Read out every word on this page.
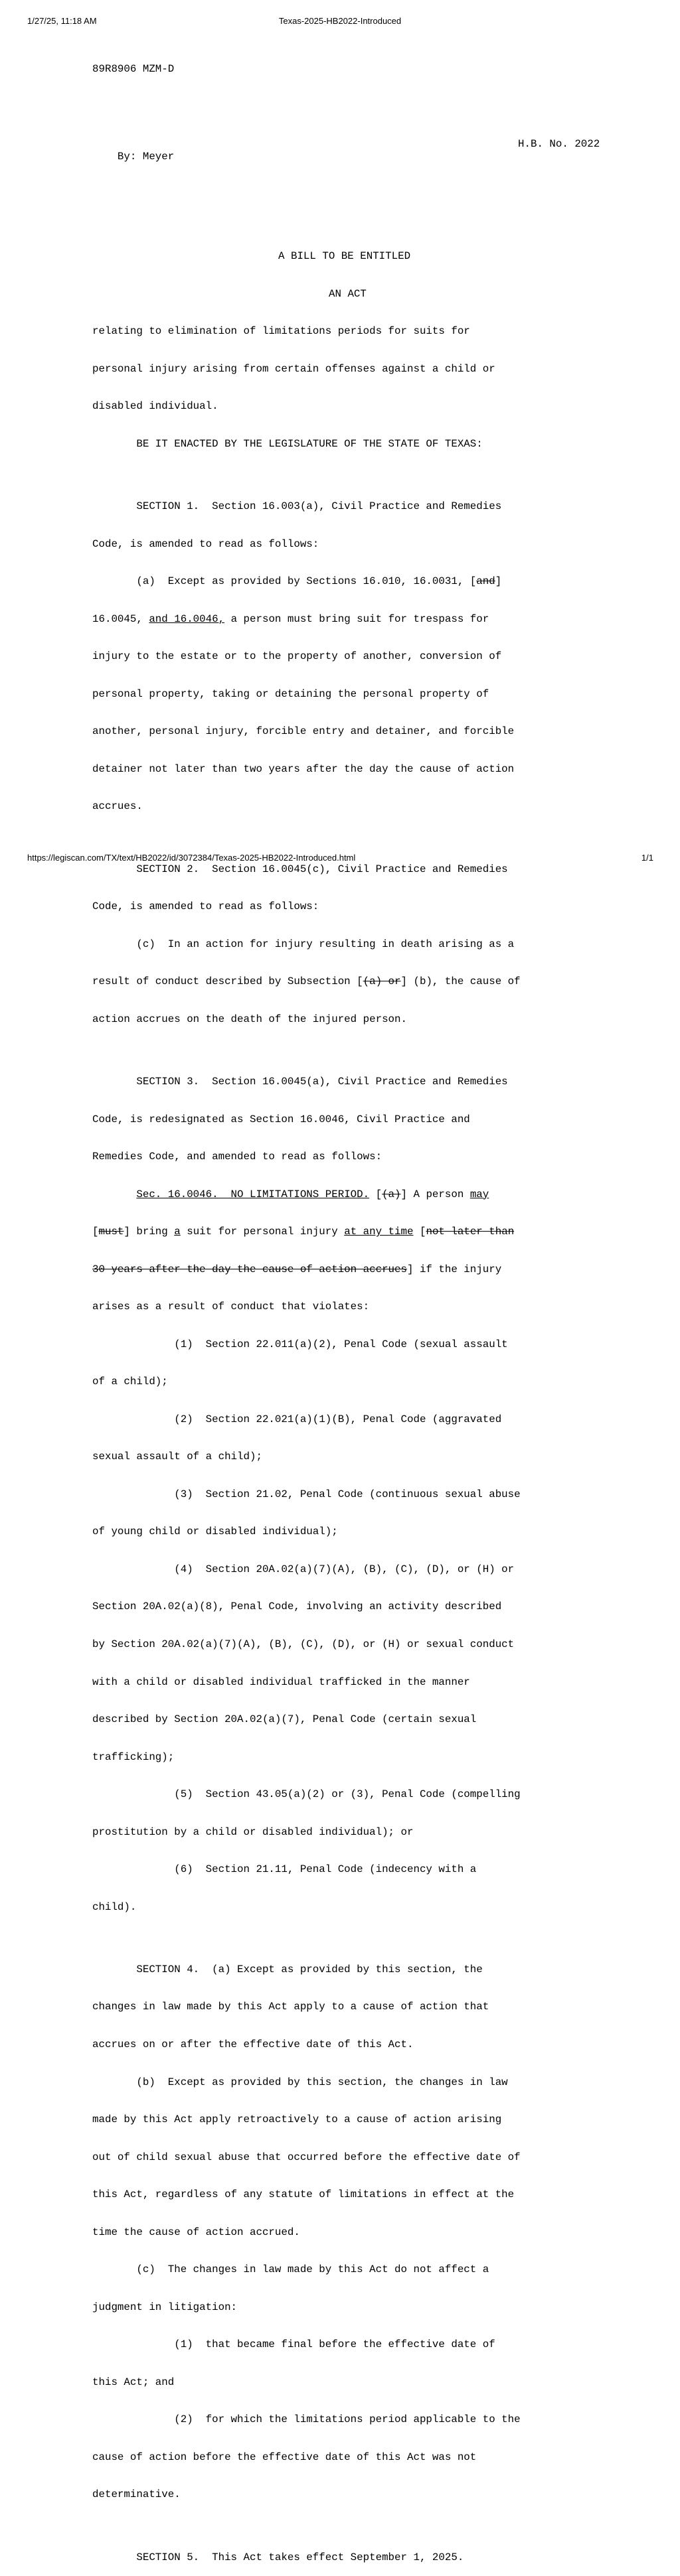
1/27/25, 11:18 AM	Texas-2025-HB2022-Introduced

89R8906 MZM-D

By: Meyer

H.B. No. 2022

A BILL TO BE ENTITLED

AN ACT

relating to elimination of limitations periods for suits for

personal injury arising from certain offenses against a child or

disabled individual.

BE IT ENACTED BY THE LEGISLATURE OF THE STATE OF TEXAS:

SECTION 1.  Section 16.003(a), Civil Practice and Remedies

Code, is amended to read as follows:

(a)  Except as provided by Sections 16.010, 16.0031, [and]

16.0045, and 16.0046, a person must bring suit for trespass for

injury to the estate or to the property of another, conversion of

personal property, taking or detaining the personal property of

another, personal injury, forcible entry and detainer, and forcible

detainer not later than two years after the day the cause of action

accrues.

SECTION 2.  Section 16.0045(c), Civil Practice and Remedies

Code, is amended to read as follows:

(c)  In an action for injury resulting in death arising as a

result of conduct described by Subsection [(a) or] (b), the cause of

action accrues on the death of the injured person.

SECTION 3.  Section 16.0045(a), Civil Practice and Remedies

Code, is redesignated as Section 16.0046, Civil Practice and

Remedies Code, and amended to read as follows:

Sec. 16.0046.  NO LIMITATIONS PERIOD. [(a)] A person may

[must] bring a suit for personal injury at any time [not later than

30 years after the day the cause of action accrues] if the injury

arises as a result of conduct that violates:

(1)  Section 22.011(a)(2), Penal Code (sexual assault

of a child);

(2)  Section 22.021(a)(1)(B), Penal Code (aggravated

sexual assault of a child);

(3)  Section 21.02, Penal Code (continuous sexual abuse

of young child or disabled individual);

(4)  Section 20A.02(a)(7)(A), (B), (C), (D), or (H) or

Section 20A.02(a)(8), Penal Code, involving an activity described

by Section 20A.02(a)(7)(A), (B), (C), (D), or (H) or sexual conduct

with a child or disabled individual trafficked in the manner

described by Section 20A.02(a)(7), Penal Code (certain sexual

trafficking);

(5)  Section 43.05(a)(2) or (3), Penal Code (compelling

prostitution by a child or disabled individual); or

(6)  Section 21.11, Penal Code (indecency with a

child).

SECTION 4.  (a) Except as provided by this section, the

changes in law made by this Act apply to a cause of action that

accrues on or after the effective date of this Act.

(b)  Except as provided by this section, the changes in law

made by this Act apply retroactively to a cause of action arising

out of child sexual abuse that occurred before the effective date of

this Act, regardless of any statute of limitations in effect at the

time the cause of action accrued.

(c)  The changes in law made by this Act do not affect a

judgment in litigation:

(1)  that became final before the effective date of

this Act; and

(2)  for which the limitations period applicable to the

cause of action before the effective date of this Act was not

determinative.

SECTION 5.  This Act takes effect September 1, 2025.

https://legiscan.com/TX/text/HB2022/id/3072384/Texas-2025-HB2022-Introduced.html	1/1
